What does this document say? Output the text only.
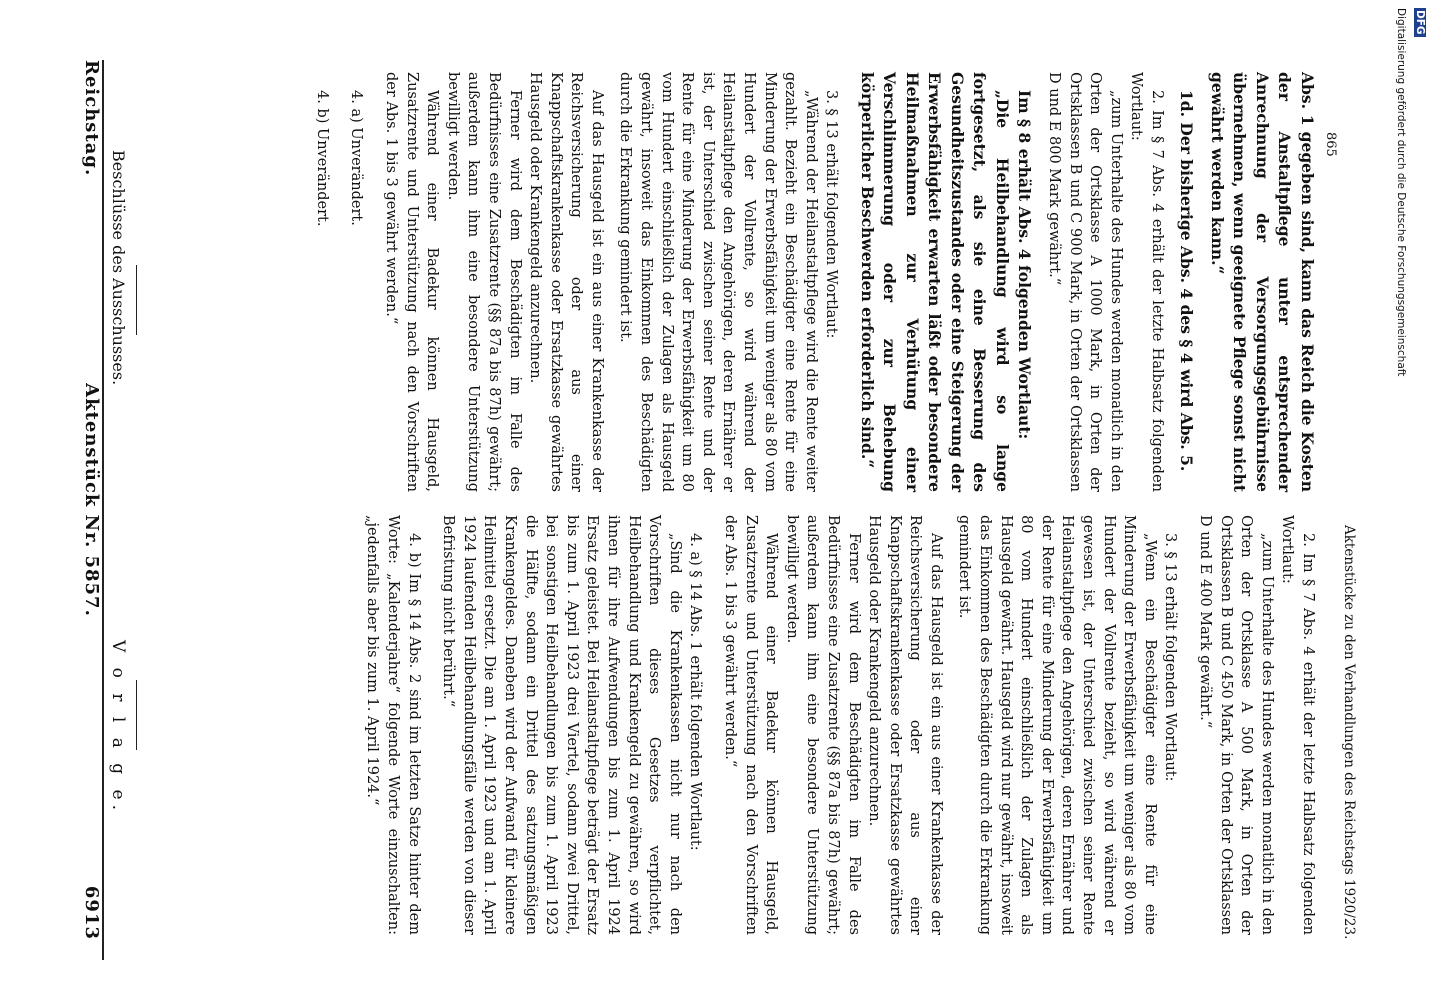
Reichstag.
Aktenstück Nr. 5857.
6913
V o r l a g e.
Beschlüsse des Ausschusses.

2. Im § 7 Abs. 4 erhält der letzte Halbsatz folgenden Wortlaut:

„zum Unterhalte des Hundes werden monatlich in den Orten der Ortsklasse A 500 Mark, in Orten der Ortsklassen B und C 450 Mark, in Orten der Ortsklassen D und E 400 Mark gewährt.“

3. § 13 erhält folgenden Wortlaut:

„Wenn ein Beschädigter eine Rente für eine Minderung der Erwerbsfähigkeit um weniger als 80 vom Hundert der Vollrente bezieht, so wird während er gewesen ist, der Unterschied zwischen seiner Rente Heilanstaltpflege den Angehörigen, deren Ernährer und der Rente für eine Minderung der Erwerbsfähigkeit um 80 vom Hundert einschließlich der Zulagen als Hausgeld gewährt. Hausgeld wird nur gewährt, insoweit das Einkommen des Beschädigten durch die Erkrankung gemindert ist.

Auf das Hausgeld ist ein aus einer Krankenkasse der Reichsversicherung oder aus einer Knappschaftskrankenkasse oder Ersatzkasse gewährtes Hausgeld oder Krankengeld anzurechnen.

Ferner wird dem Beschädigten im Falle des Bedürfnisses eine Zusatzrente (§§ 87a bis 87h) gewährt; außerdem kann ihm eine besondere Unterstützung bewilligt werden.

Während einer Badekur können Hausgeld, Zusatzrente und Unterstützung nach den Vorschriften der Abs. 1 bis 3 gewährt werden.“

4. a) § 14 Abs. 1 erhält folgenden Wortlaut:

„Sind die Krankenkassen nicht nur nach den Vorschriften dieses Gesetzes verpflichtet, Heilbehandlung und Krankengeld zu gewähren, so wird ihnen für ihre Aufwendungen bis zum 1. April 1924 Ersatz geleistet. Bei Heilanstaltpflege beträgt der Ersatz bis zum 1. April 1923 drei Viertel, sodann zwei Drittel, bei sonstigen Heilbehandlungen bis zum 1. April 1923 die Hälfte, sodann ein Drittel des satzungsmäßigen Krankengeldes. Daneben wird der Aufwand für kleinere Heilmittel ersetzt. Die am 1. April 1923 und am 1. April 1924 laufenden Heilbehandlungsfälle werden von dieser Befristung nicht berührt.“

4. b) Im § 14 Abs. 2 sind im letzten Satze hinter dem Worte: „Kalenderjahre“ folgende Worte einzuschalten: „jedenfalls aber bis zum 1. April 1924.“	Aktenstücke zu den Verhandlungen des Reichstags 1920/23.

Abs. 1 gegeben sind, kann das Reich die Kosten der Anstaltpflege unter entsprechender Anrechnung der Versorgungsgebührnisse übernehmen, wenn geeignete Pflege sonst nicht gewährt werden kann.“

1d. Der bisherige Abs. 4 des § 4 wird Abs. 5.

2. Im § 7 Abs. 4 erhält der letzte Halbsatz folgenden Wortlaut:

„zum Unterhalte des Hundes werden monatlich in den Orten der Ortsklasse A 1000 Mark, in Orten der Ortsklassen B und C 900 Mark, in Orten der Ortsklassen D und E 800 Mark gewährt.“

Im § 8 erhält Abs. 4 folgenden Wortlaut:

„Die Heilbehandlung wird so lange fortgesetzt, als sie eine Besserung des Gesundheitszustandes oder eine Steigerung der Erwerbsfähigkeit erwarten läßt oder besondere Heilmaßnahmen zur Verhütung einer Verschlimmerung oder zur Behebung körperlicher Beschwerden erforderlich sind.“

3. § 13 erhält folgenden Wortlaut:

„Während der Heilanstaltpflege wird die Rente weiter gezahlt. Bezieht ein Beschädigter eine Rente für eine Minderung der Erwerbsfähigkeit um weniger als 80 vom Hundert der Vollrente, so wird während der Heilanstaltpflege den Angehörigen, deren Ernährer er ist, der Unterschied zwischen seiner Rente und der Rente für eine Minderung der Erwerbsfähigkeit um 80 vom Hundert einschließlich der Zulagen als Hausgeld gewährt, insoweit das Einkommen des Beschädigten durch die Erkrankung gemindert ist.

Auf das Hausgeld ist ein aus einer Krankenkasse der Reichsversicherung oder aus einer Knappschaftskrankenkasse oder Ersatzkasse gewährtes Hausgeld oder Krankengeld anzurechnen.

Ferner wird dem Beschädigten im Falle des Bedürfnisses eine Zusatzrente (§§ 87a bis 87h) gewährt; außerdem kann ihm eine besondere Unterstützung bewilligt werden.

Während einer Badekur können Hausgeld, Zusatzrente und Unterstützung nach den Vorschriften der Abs. 1 bis 3 gewährt werden.“

4. a) Unverändert.

4. b) Unverändert.	865
DFG Digitalisierung gefördert durch die Deutsche Forschungsgemeinschaft
